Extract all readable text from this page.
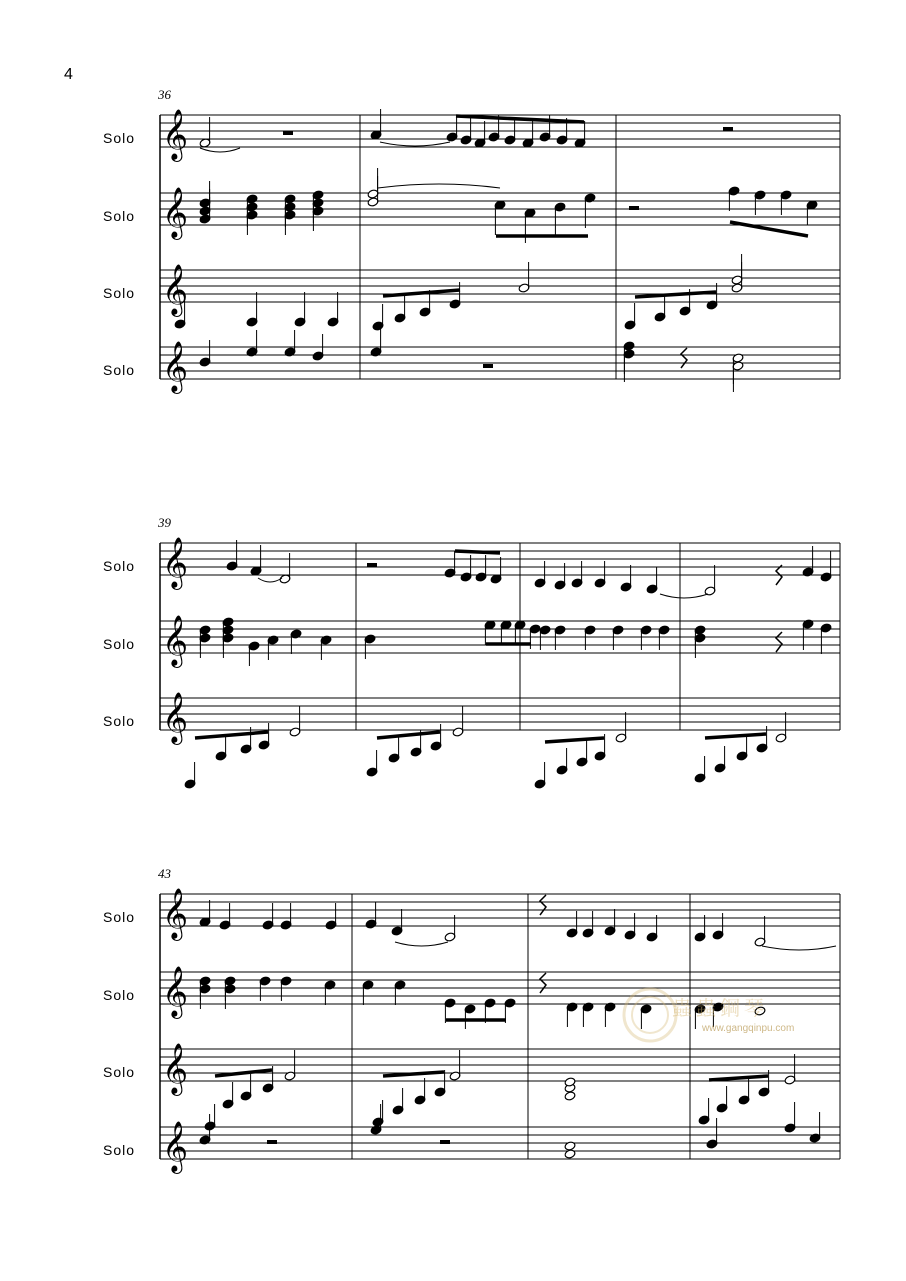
4
36
39
43
Solo
Solo
Solo
Solo
Solo
Solo
Solo
Solo
Solo
Solo
Solo
𝄞
𝄞
𝄞
𝄞
𝄞
𝄞
𝄞
𝄞
𝄞
𝄞
𝄞
蟲蟲鋼琴
www.gangqinpu.com
